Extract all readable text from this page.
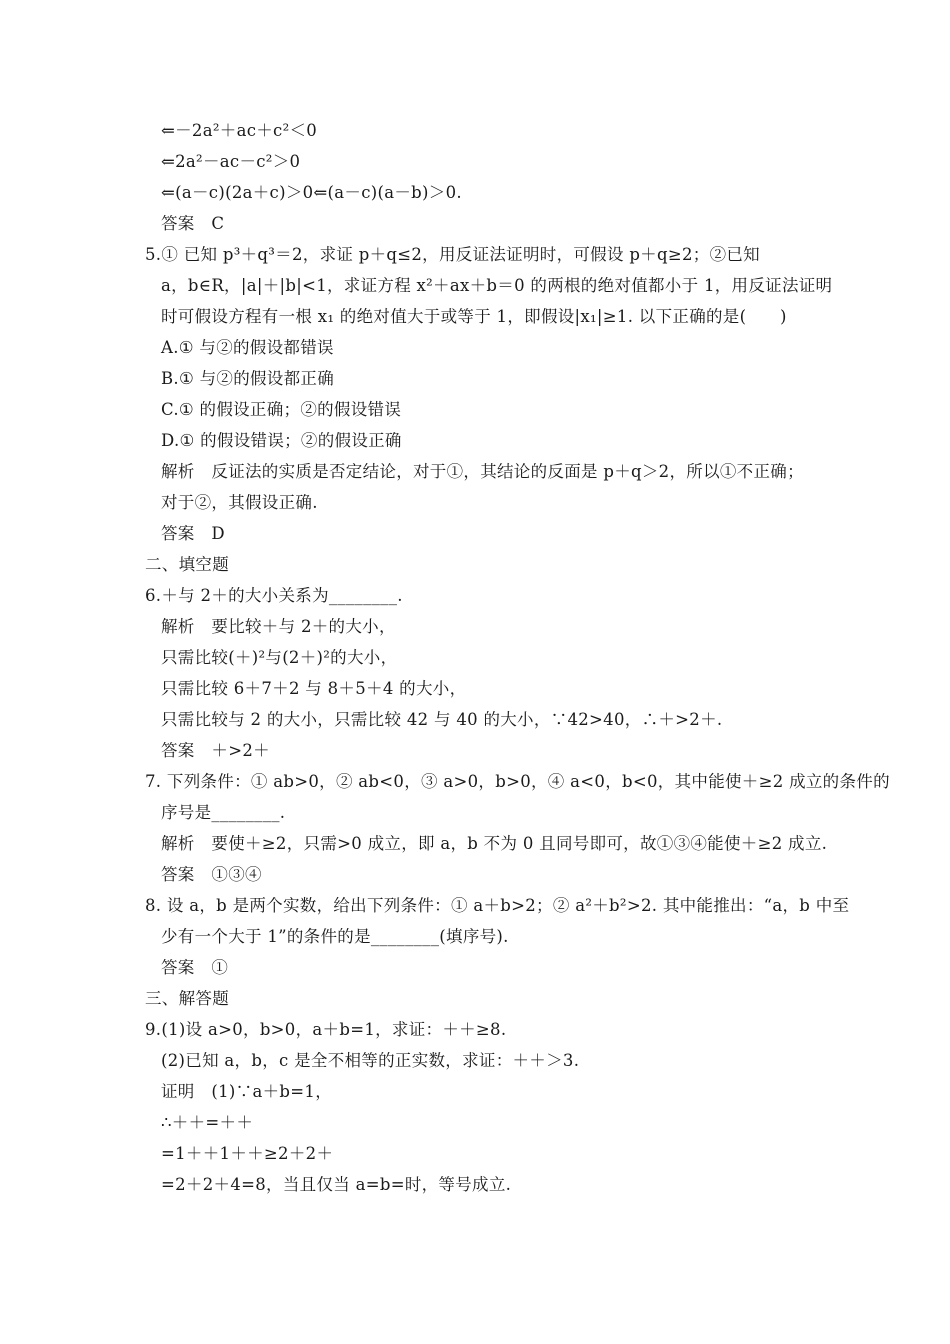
⇐－2a²＋ac＋c²＜0
⇐2a²－ac－c²＞0
⇐(a－c)(2a＋c)＞0⇐(a－c)(a－b)＞0.
答案　C
5.① 已知 p³＋q³＝2，求证 p＋q≤2，用反证法证明时，可假设 p＋q≥2；②已知
a，b∈R，|a|＋|b|<1，求证方程 x²＋ax＋b＝0 的两根的绝对值都小于 1，用反证法证明
时可假设方程有一根 x₁ 的绝对值大于或等于 1，即假设|x₁|≥1. 以下正确的是(　　)
A.① 与②的假设都错误
B.① 与②的假设都正确
C.① 的假设正确；②的假设错误
D.① 的假设错误；②的假设正确
解析　反证法的实质是否定结论，对于①，其结论的反面是 p＋q＞2，所以①不正确；
对于②，其假设正确.
答案　D
二、填空题
6.＋与 2＋的大小关系为________.
解析　要比较＋与 2＋的大小，
只需比较(＋)²与(2＋)²的大小，
只需比较 6＋7＋2 与 8＋5＋4 的大小，
只需比较与 2 的大小，只需比较 42 与 40 的大小，∵42>40，∴＋>2＋.
答案　＋>2＋
7. 下列条件：① ab>0，② ab<0，③ a>0，b>0，④ a<0，b<0，其中能使＋≥2 成立的条件的
序号是________.
解析　要使＋≥2，只需>0 成立，即 a，b 不为 0 且同号即可，故①③④能使＋≥2 成立.
答案　①③④
8. 设 a，b 是两个实数，给出下列条件：① a＋b>2；② a²＋b²>2. 其中能推出：“a，b 中至
少有一个大于 1”的条件的是________(填序号).
答案　①
三、解答题
9.(1)设 a>0，b>0，a＋b=1，求证：＋＋≥8.
(2)已知 a，b，c 是全不相等的正实数，求证：＋＋＞3.
证明　(1)∵a＋b=1，
∴＋＋=＋＋
=1＋＋1＋＋≥2＋2＋
=2＋2＋4=8，当且仅当 a=b=时，等号成立.
